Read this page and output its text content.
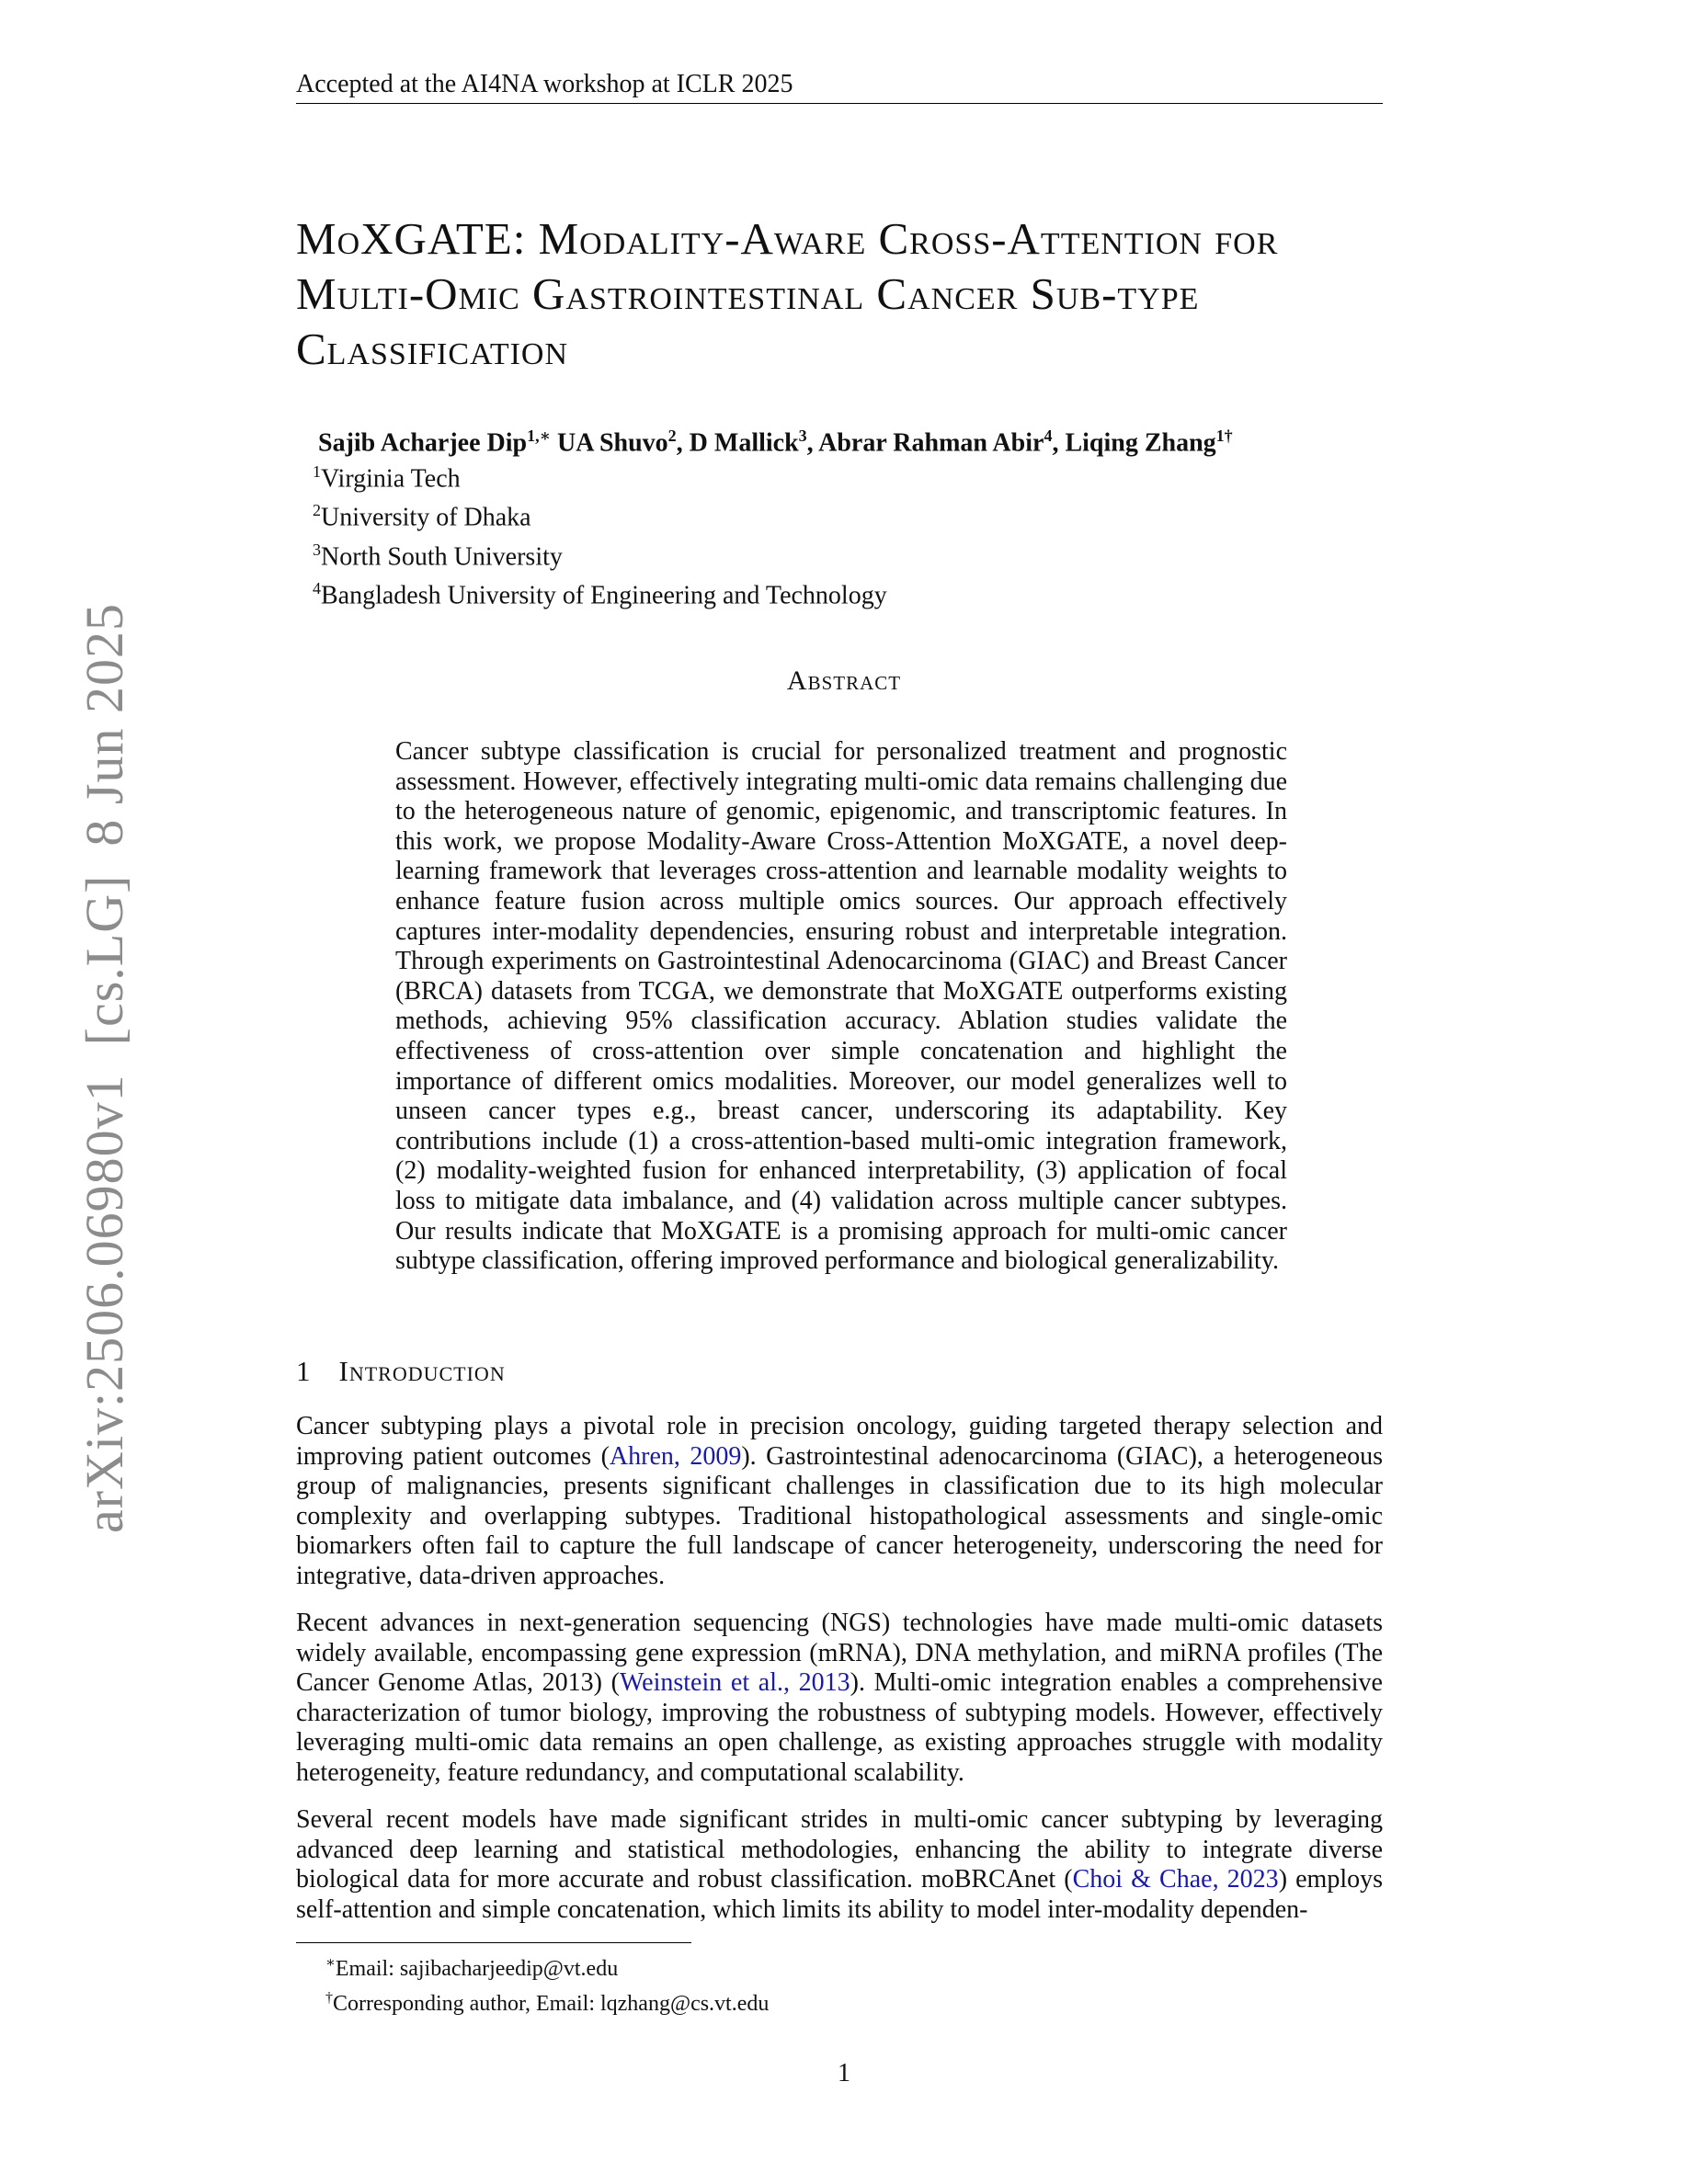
Accepted at the AI4NA workshop at ICLR 2025
MoXGATE: Modality-Aware Cross-Attention for Multi-Omic Gastrointestinal Cancer Sub-type Classification
Sajib Acharjee Dip$^{1,∗}$ UA Shuvo$^2$, D Mallick$^3$, Abrar Rahman Abir$^4$, Liqing Zhang$^{1\dagger}$
$^1$Virginia Tech
$^2$University of Dhaka
$^3$North South University
$^4$Bangladesh University of Engineering and Technology
Abstract
Cancer subtype classification is crucial for personalized treatment and prognostic assessment. However, effectively integrating multi-omic data remains challenging due to the heterogeneous nature of genomic, epigenomic, and transcriptomic features. In this work, we propose Modality-Aware Cross-Attention MoXGATE, a novel deep-learning framework that leverages cross-attention and learnable modality weights to enhance feature fusion across multiple omics sources. Our approach effectively captures inter-modality dependencies, ensuring robust and interpretable integration. Through experiments on Gastrointestinal Adenocarcinoma (GIAC) and Breast Cancer (BRCA) datasets from TCGA, we demonstrate that MoXGATE outperforms existing methods, achieving 95% classification accuracy. Ablation studies validate the effectiveness of cross-attention over simple concatenation and highlight the importance of different omics modalities. Moreover, our model generalizes well to unseen cancer types e.g., breast cancer, underscoring its adaptability. Key contributions include (1) a cross-attention-based multi-omic integration framework, (2) modality-weighted fusion for enhanced interpretability, (3) application of focal loss to mitigate data imbalance, and (4) validation across multiple cancer subtypes. Our results indicate that MoXGATE is a promising approach for multi-omic cancer subtype classification, offering improved performance and biological generalizability.
1 Introduction
Cancer subtyping plays a pivotal role in precision oncology, guiding targeted therapy selection and improving patient outcomes (Ahren, 2009). Gastrointestinal adenocarcinoma (GIAC), a heterogeneous group of malignancies, presents significant challenges in classification due to its high molecular complexity and overlapping subtypes. Traditional histopathological assessments and single-omic biomarkers often fail to capture the full landscape of cancer heterogeneity, underscoring the need for integrative, data-driven approaches.
Recent advances in next-generation sequencing (NGS) technologies have made multi-omic datasets widely available, encompassing gene expression (mRNA), DNA methylation, and miRNA profiles (The Cancer Genome Atlas, 2013) (Weinstein et al., 2013). Multi-omic integration enables a comprehensive characterization of tumor biology, improving the robustness of subtyping models. However, effectively leveraging multi-omic data remains an open challenge, as existing approaches struggle with modality heterogeneity, feature redundancy, and computational scalability.
Several recent models have made significant strides in multi-omic cancer subtyping by leveraging advanced deep learning and statistical methodologies, enhancing the ability to integrate diverse biological data for more accurate and robust classification. moBRCAnet (Choi & Chae, 2023) employs self-attention and simple concatenation, which limits its ability to model inter-modality dependen-
∗Email: sajibacharjeedip@vt.edu
†Corresponding author, Email: lqzhang@cs.vt.edu
1
arXiv:2506.06980v1  [cs.LG]  8 Jun 2025
